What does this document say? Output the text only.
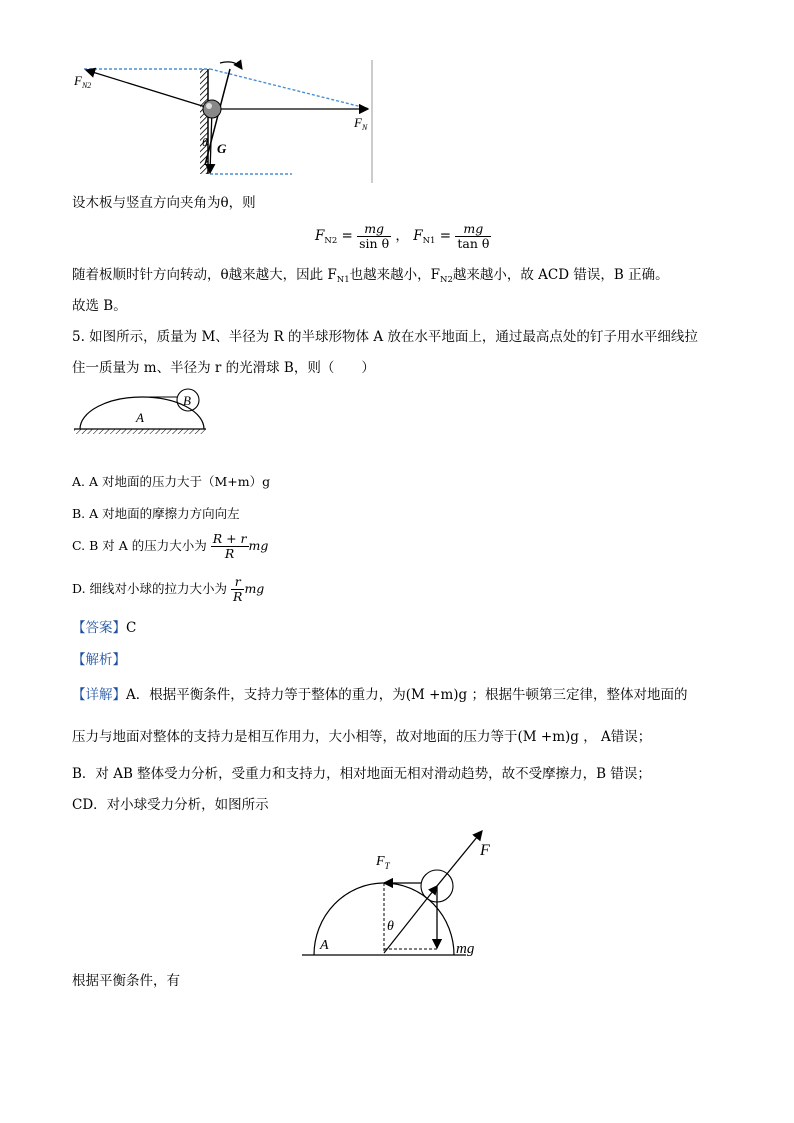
$F_{N2}$
$F_N$
θ G
设木板与竖直方向夹角为θ，则
$F_{N2} = \frac{mg}{\text{sin θ}}$ ， $F_{N1} = \frac{mg}{\text{tan θ}}$
随着板顺时针方向转动，θ越来越大，因此 $F_{N1}$也越来越小，$F_{N2}$越来越小，故 ACD 错误，B 正确。
故选 B。
5. 如图所示，质量为 M、半径为 R 的半球形物体 A 放在水平地面上，通过最高点处的钉子用水平细线拉
住一质量为 m、半径为 r 的光滑球 B，则（　　）
B
A
A. A 对地面的压力大于（M+m）g
B. A 对地面的摩擦力方向向左
C. B 对 A 的压力大小为 $\frac{R + r}{R}$ mg
D. 细线对小球的拉力大小为 $\frac{r}{R}$ mg
【答案】C
【解析】
【详解】A．根据平衡条件，支持力等于整体的重力，为(M +m)g ；根据牛顿第三定律，整体对地面的
压力与地面对整体的支持力是相互作用力，大小相等，故对地面的压力等于(M +m)g ， A错误；
B．对 AB 整体受力分析，受重力和支持力，相对地面无相对滑动趋势，故不受摩擦力，B 错误；
CD．对小球受力分析，如图所示
$F_T$
F
θ
A	mg
根据平衡条件，有
